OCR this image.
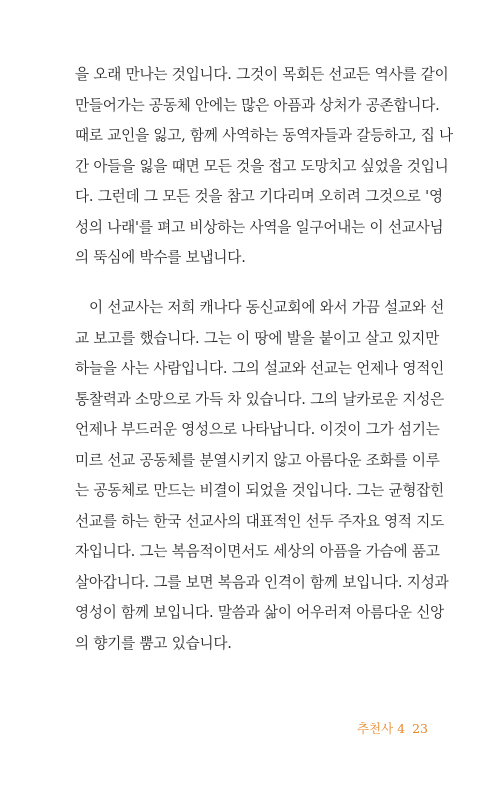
을 오래 만나는 것입니다. 그것이 목회든 선교든 역사를 같이
만들어가는 공동체 안에는 많은 아픔과 상처가 공존합니다.
때로 교인을 잃고, 함께 사역하는 동역자들과 갈등하고, 집 나
간 아들을 잃을 때면 모든 것을 접고 도망치고 싶었을 것입니
다. 그런데 그 모든 것을 참고 기다리며 오히려 그것으로 '영
성의 나래'를 펴고 비상하는 사역을 일구어내는 이 선교사님
의 뚝심에 박수를 보냅니다.
이 선교사는 저희 캐나다 동신교회에 와서 가끔 설교와 선
교 보고를 했습니다. 그는 이 땅에 발을 붙이고 살고 있지만
하늘을 사는 사람입니다. 그의 설교와 선교는 언제나 영적인
통찰력과 소망으로 가득 차 있습니다. 그의 날카로운 지성은
언제나 부드러운 영성으로 나타납니다. 이것이 그가 섬기는
미르 선교 공동체를 분열시키지 않고 아름다운 조화를 이루
는 공동체로 만드는 비결이 되었을 것입니다. 그는 균형잡힌
선교를 하는 한국 선교사의 대표적인 선두 주자요 영적 지도
자입니다. 그는 복음적이면서도 세상의 아픔을 가슴에 품고
살아갑니다. 그를 보면 복음과 인격이 함께 보입니다. 지성과
영성이 함께 보입니다. 말씀과 삶이 어우러져 아름다운 신앙
의 향기를 뿜고 있습니다.
추천사 4 23
